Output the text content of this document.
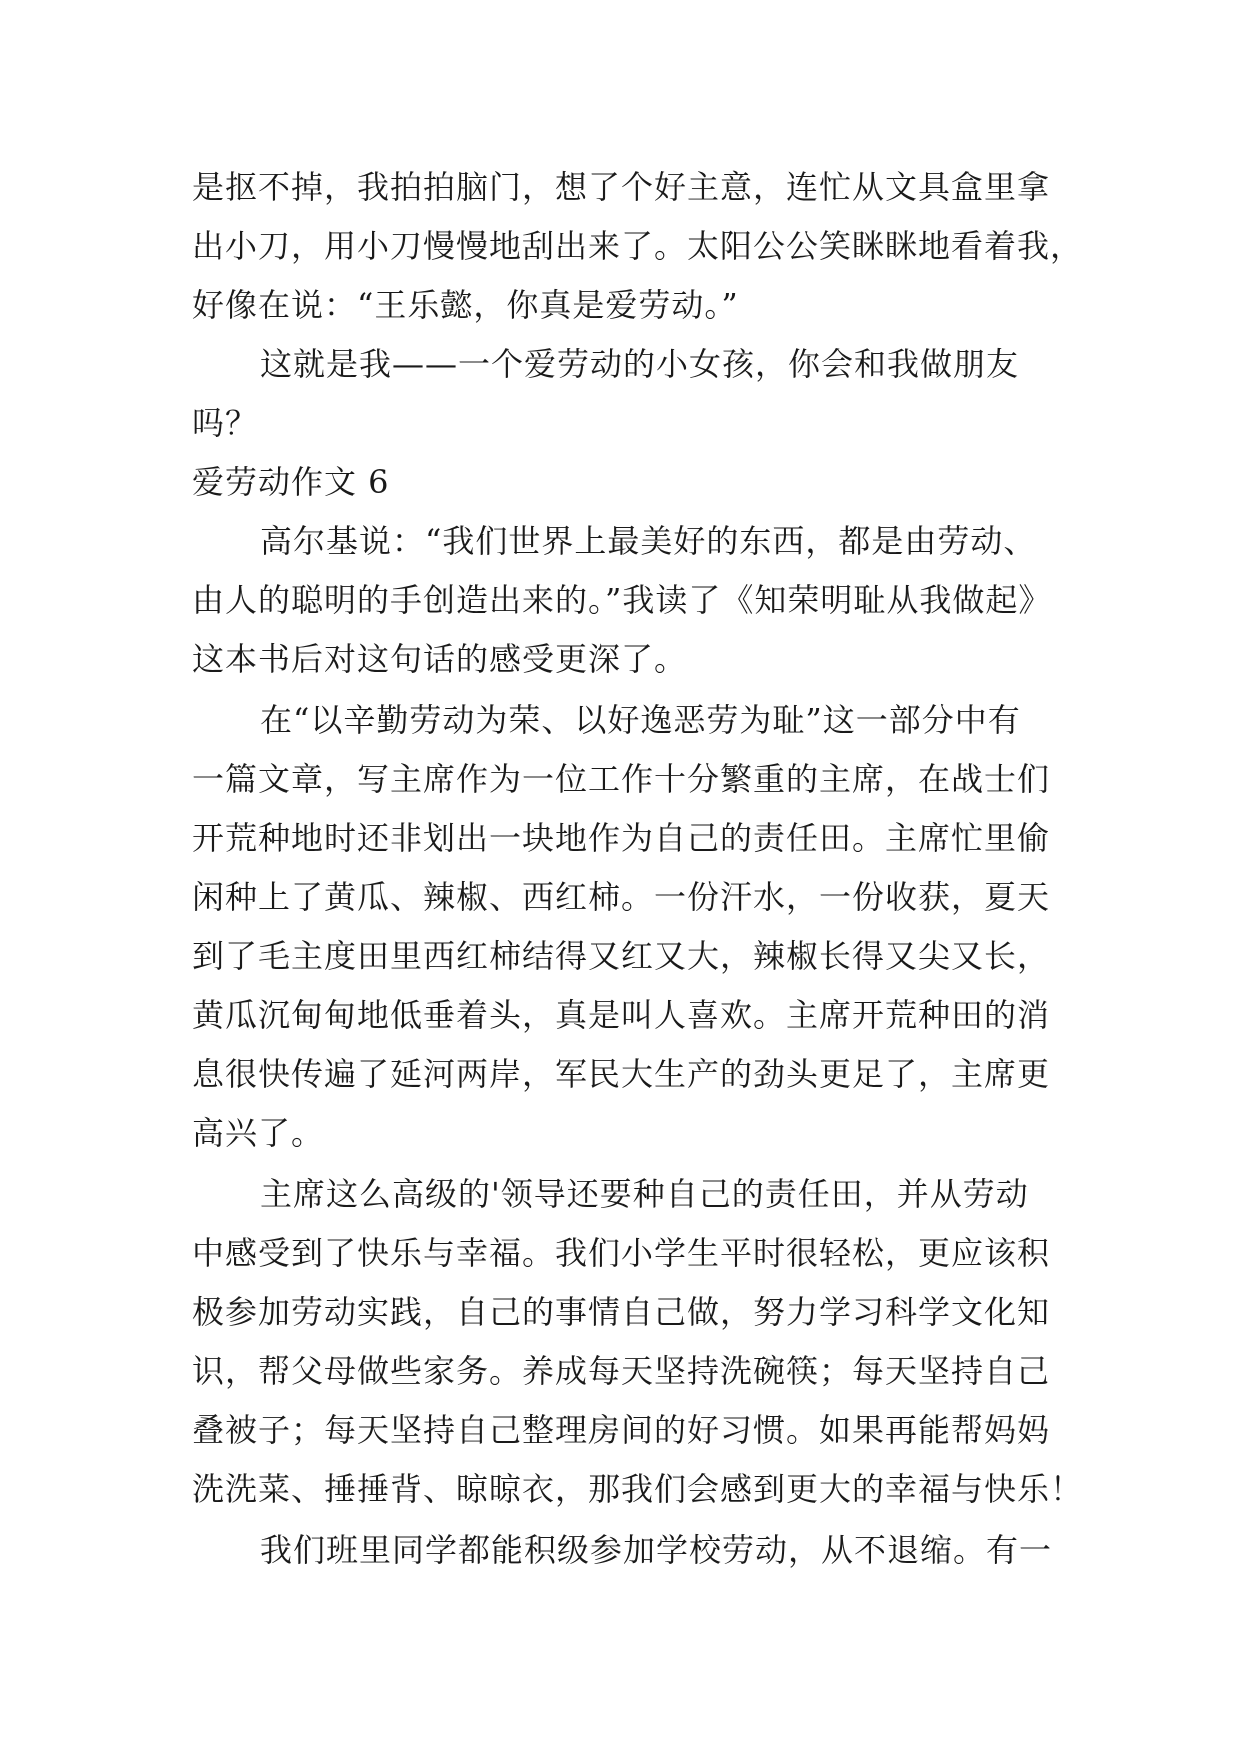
是抠不掉，我拍拍脑门，想了个好主意，连忙从文具盒里拿
出小刀，用小刀慢慢地刮出来了。太阳公公笑眯眯地看着我，
好像在说：“王乐懿，你真是爱劳动。”
这就是我——一个爱劳动的小女孩，你会和我做朋友
吗？
爱劳动作文 6
高尔基说：“我们世界上最美好的东西，都是由劳动、
由人的聪明的手创造出来的。”我读了《知荣明耻从我做起》
这本书后对这句话的感受更深了。
在“以辛勤劳动为荣、以好逸恶劳为耻”这一部分中有
一篇文章，写主席作为一位工作十分繁重的主席，在战士们
开荒种地时还非划出一块地作为自己的责任田。主席忙里偷
闲种上了黄瓜、辣椒、西红柿。一份汗水，一份收获，夏天
到了毛主度田里西红柿结得又红又大，辣椒长得又尖又长，
黄瓜沉甸甸地低垂着头，真是叫人喜欢。主席开荒种田的消
息很快传遍了延河两岸，军民大生产的劲头更足了，主席更
高兴了。
主席这么高级的'领导还要种自己的责任田，并从劳动
中感受到了快乐与幸福。我们小学生平时很轻松，更应该积
极参加劳动实践，自己的事情自己做，努力学习科学文化知
识，帮父母做些家务。养成每天坚持洗碗筷；每天坚持自己
叠被子；每天坚持自己整理房间的好习惯。如果再能帮妈妈
洗洗菜、捶捶背、晾晾衣，那我们会感到更大的幸福与快乐！
我们班里同学都能积级参加学校劳动，从不退缩。有一
